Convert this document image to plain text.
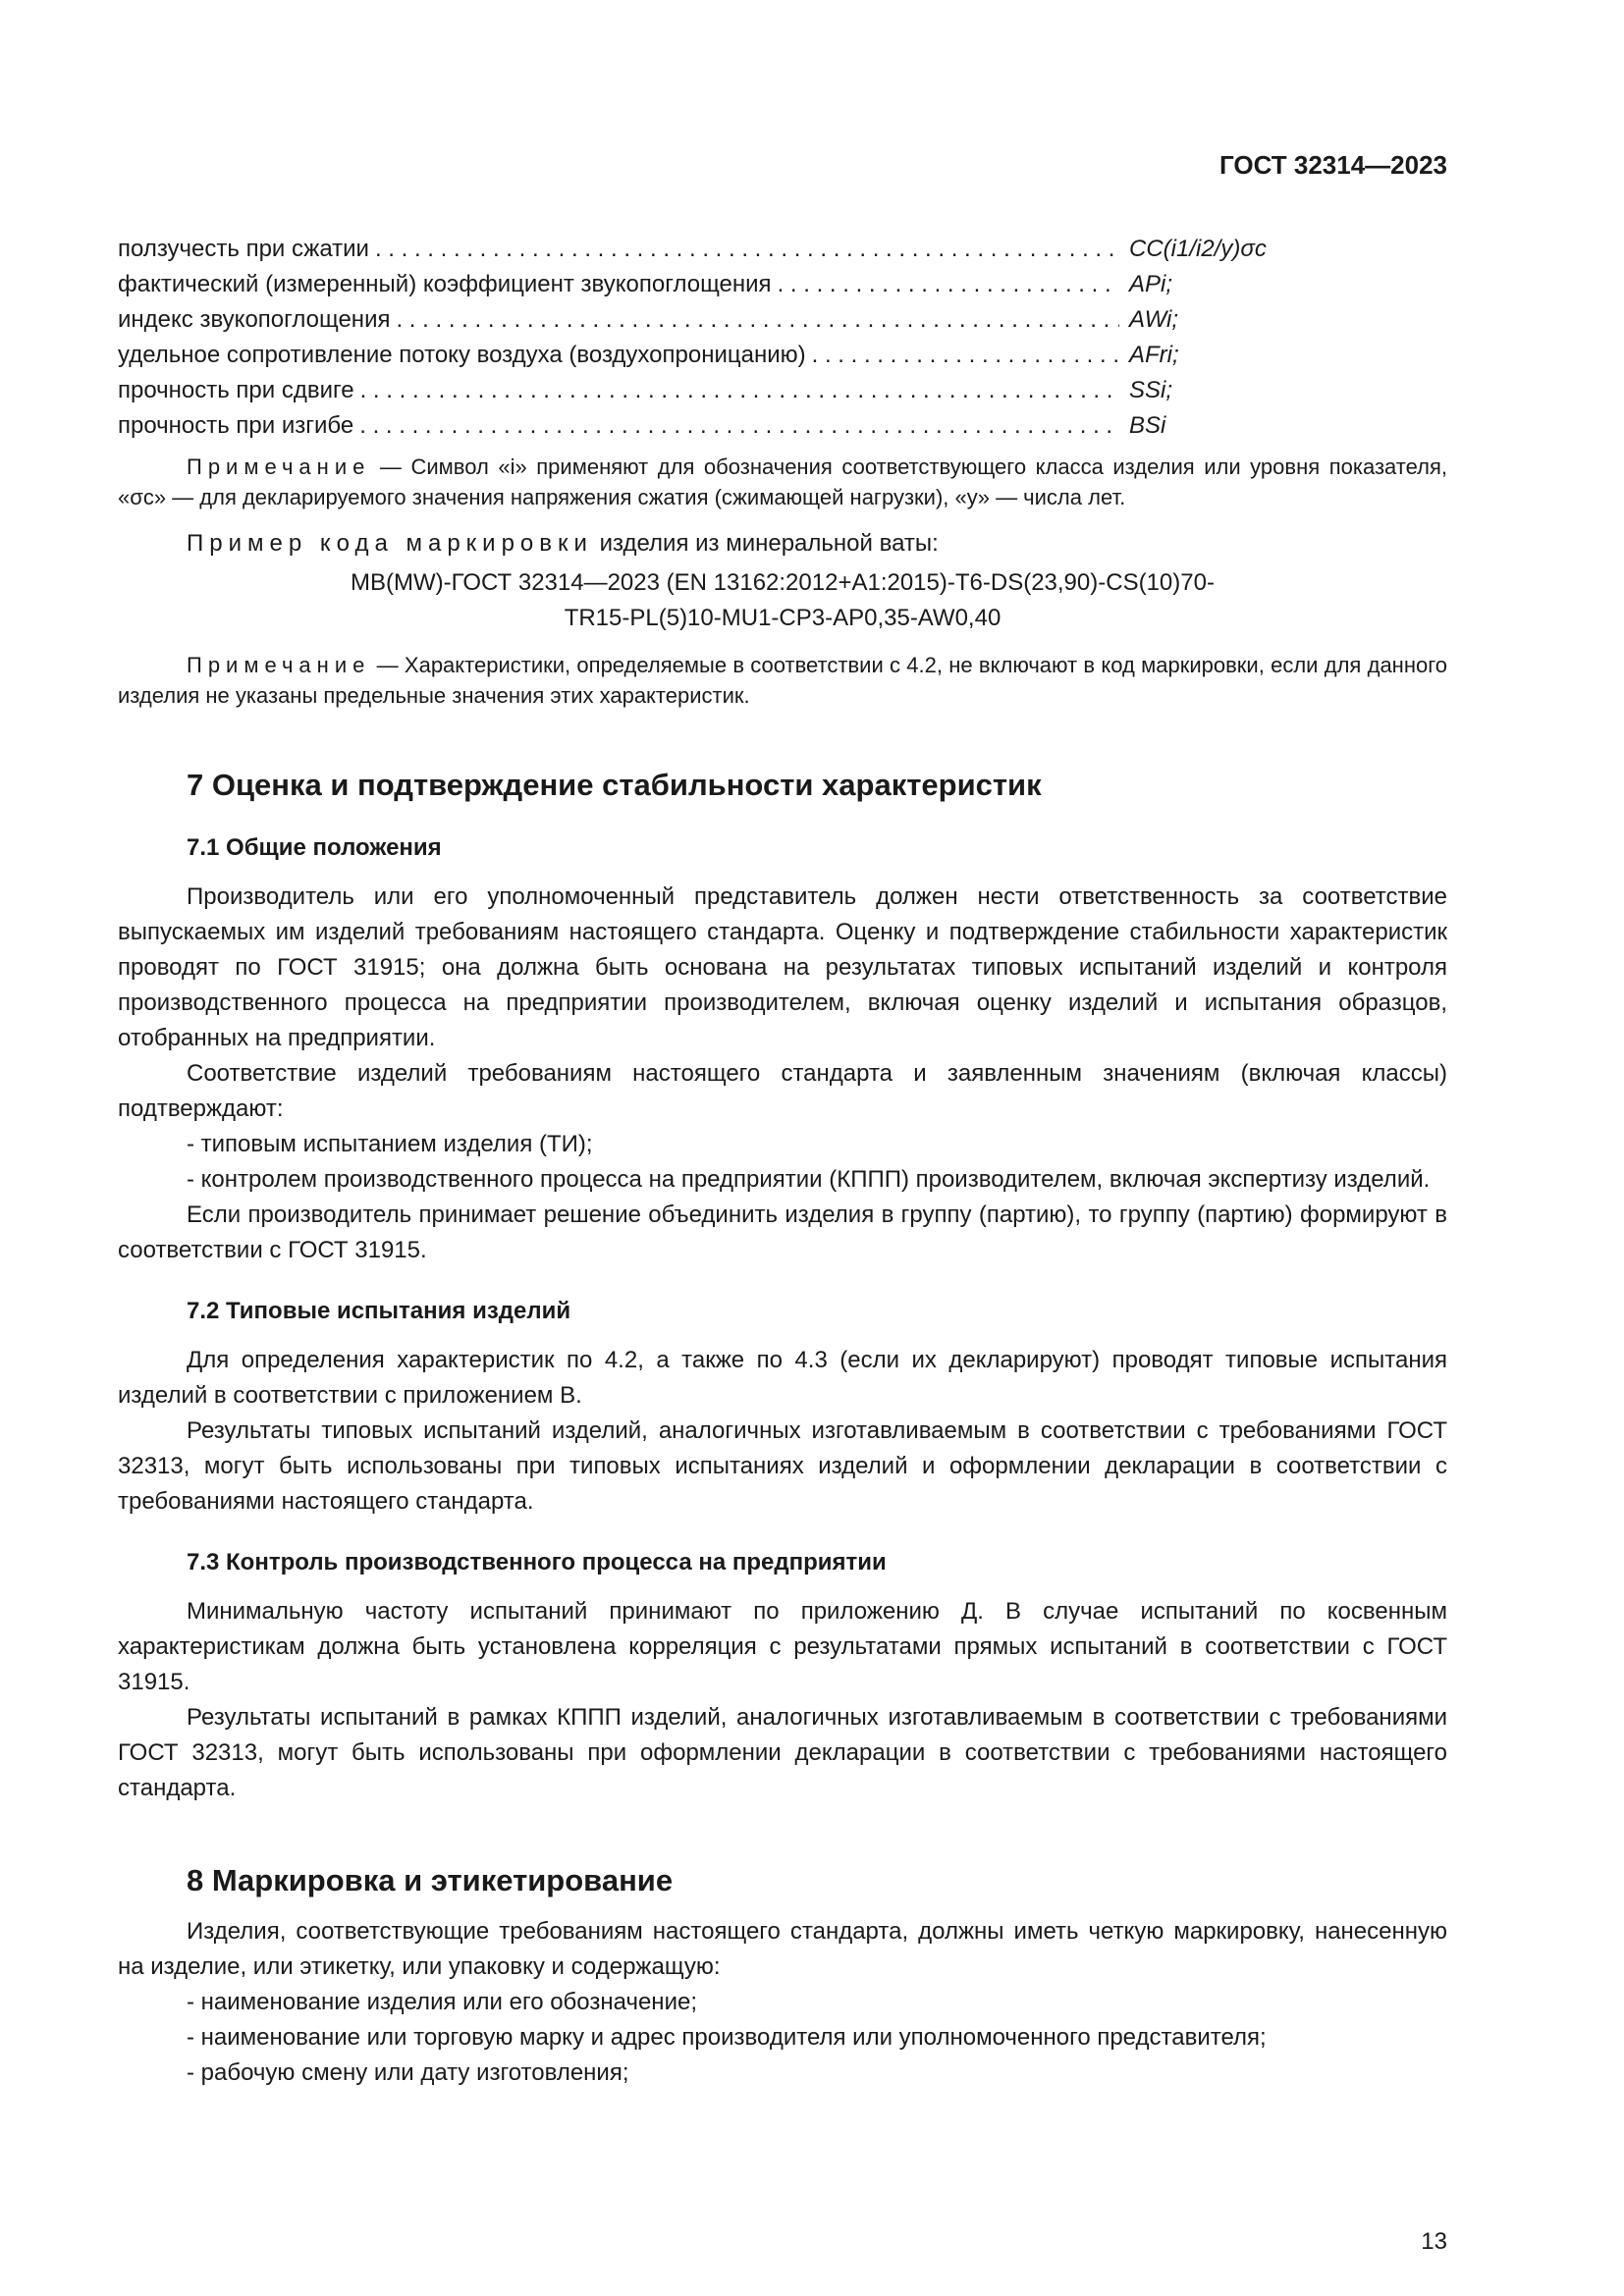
ГОСТ 32314—2023
ползучесть при сжатии . . .	CC(i1/i2/y)σc
фактический (измеренный) коэффициент звукопоглощения . . .	APi;
индекс звукопоглощения . . .	AWi;
удельное сопротивление потоку воздуха (воздухопроницанию) . . .	AFri;
прочность при сдвиге . . .	SSi;
прочность при изгибе . . .	BSi

Примечание — Символ «i» применяют для обозначения соответствующего класса изделия или уровня показателя, «σc» — для декларируемого значения напряжения сжатия (сжимающей нагрузки), «y» — числа лет.

Пример кода маркировки изделия из минеральной ваты:

MB(MW)-ГОСТ 32314—2023 (EN 13162:2012+A1:2015)-T6-DS(23,90)-CS(10)70-
TR15-PL(5)10-MU1-CP3-AP0,35-AW0,40

Примечание — Характеристики, определяемые в соответствии с 4.2, не включают в код маркировки, если для данного изделия не указаны предельные значения этих характеристик.

7 Оценка и подтверждение стабильности характеристик
7.1 Общие положения

Производитель или его уполномоченный представитель должен нести ответственность за соответствие выпускаемых им изделий требованиям настоящего стандарта. Оценку и подтверждение стабильности характеристик проводят по ГОСТ 31915; она должна быть основана на результатах типовых испытаний изделий и контроля производственного процесса на предприятии производителем, включая оценку изделий и испытания образцов, отобранных на предприятии.

Соответствие изделий требованиям настоящего стандарта и заявленным значениям (включая классы) подтверждают:

- типовым испытанием изделия (ТИ);

- контролем производственного процесса на предприятии (КППП) производителем, включая экспертизу изделий.

Если производитель принимает решение объединить изделия в группу (партию), то группу (партию) формируют в соответствии с ГОСТ 31915.

7.2 Типовые испытания изделий

Для определения характеристик по 4.2, а также по 4.3 (если их декларируют) проводят типовые испытания изделий в соответствии с приложением В.

Результаты типовых испытаний изделий, аналогичных изготавливаемым в соответствии с требованиями ГОСТ 32313, могут быть использованы при типовых испытаниях изделий и оформлении декларации в соответствии с требованиями настоящего стандарта.

7.3 Контроль производственного процесса на предприятии

Минимальную частоту испытаний принимают по приложению Д. В случае испытаний по косвенным характеристикам должна быть установлена корреляция с результатами прямых испытаний в соответствии с ГОСТ 31915.

Результаты испытаний в рамках КППП изделий, аналогичных изготавливаемым в соответствии с требованиями ГОСТ 32313, могут быть использованы при оформлении декларации в соответствии с требованиями настоящего стандарта.

8 Маркировка и этикетирование

Изделия, соответствующие требованиям настоящего стандарта, должны иметь четкую маркировку, нанесенную на изделие, или этикетку, или упаковку и содержащую:

- наименование изделия или его обозначение;

- наименование или торговую марку и адрес производителя или уполномоченного представителя;

- рабочую смену или дату изготовления;

13
